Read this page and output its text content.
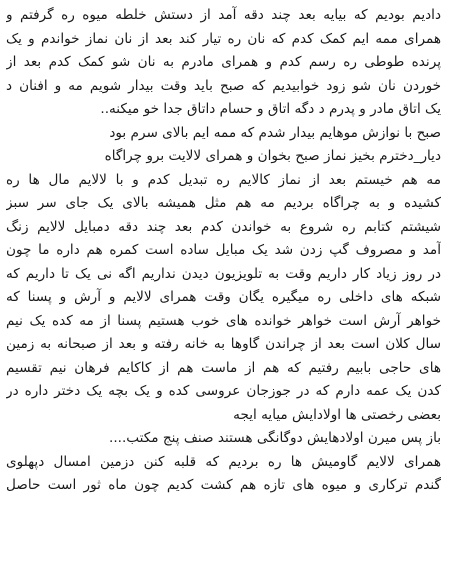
دادیم بودیم که بیایه بعد چند دقه آمد از دستش خلطه میوه ره گرفتم و
همرای ممه ایم کمک کدم که نان ره تیار کند بعد از نان نماز خواندم و یک
پرنده طوطی ره رسم کدم و همرای مادرم به نان شو کمک کدم بعد از
خوردن نان شو زود خوابیدیم که صبح باید وقت بیدار شویم مه و افنان د
یک اتاق مادر و پدرم د دگه اتاق و حسام داتاق جدا خو میکنه..
صبح با نوازش موهایم بیدار شدم که ممه ایم بالای سرم بود
دیار_دخترم بخیز نماز صبح بخوان و همرای لالایت برو چراگاه
مه هم خیستم بعد از نماز کالایم ره تبدیل کدم و با لالایم مال ها ره
کشیده و به چراگاه بردیم مه هم مثل همیشه بالای یک جای سر سبز
شیشتم کتابم ره شروع به خواندن کدم بعد چند دقه دمبایل لالایم زنگ
آمد و مصروف گپ زدن شد یک مبایل ساده است کمره هم داره ما چون
در روز زیاد کار داریم وقت به تلویزیون دیدن نداریم اگه نی یک تا داریم که
شبکه های داخلی ره میگیره یگان وقت همرای لالایم و آرش و پسنا که
خواهر آرش است خواهر خوانده های خوب هستیم پسنا از مه کده یک نیم
سال کلان است بعد از چراندن گاوها به خانه رفته و بعد از صبحانه به زمین
های حاجی بابیم رفتیم که هم از ماست هم از کاکایم فرهان نیم تقسیم
کدن یک عمه دارم که در جوزجان عروسی کده و یک بچه یک دختر داره در
بعضی رخصتی ها اولادایش میایه ایجه
باز پس میرن اولادهایش دوگانگی هستند صنف پنج مکتب....
همرای لالایم گاومیش ها ره بردیم که قلبه کنن دزمین امسال دپهلوی
گندم ترکاری و میوه های تازه هم کشت کدیم چون ماه ثور است حاصل
